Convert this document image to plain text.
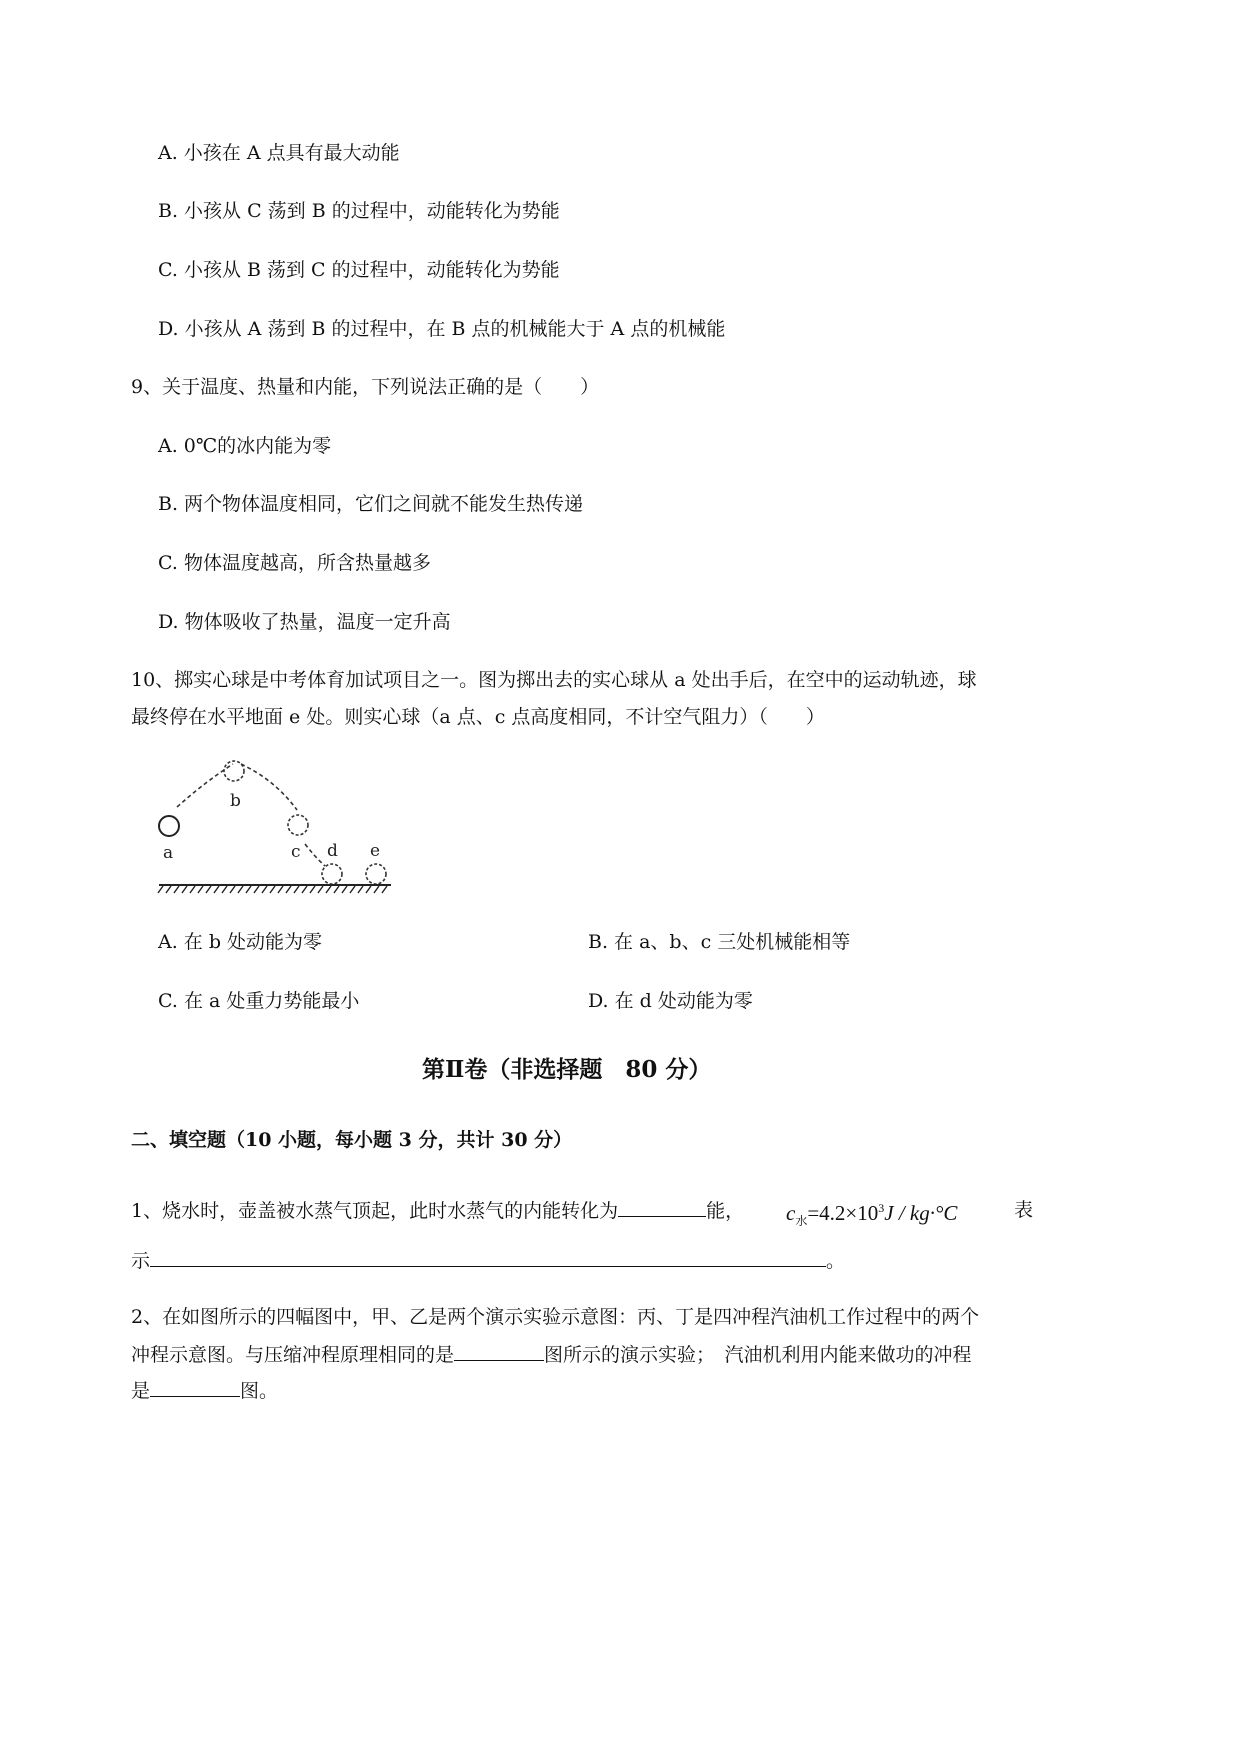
A. 小孩在 A 点具有最大动能
B. 小孩从 C 荡到 B 的过程中，动能转化为势能
C. 小孩从 B 荡到 C 的过程中，动能转化为势能
D. 小孩从 A 荡到 B 的过程中，在 B 点的机械能大于 A 点的机械能
9、关于温度、热量和内能，下列说法正确的是（　　）
A. 0℃的冰内能为零
B. 两个物体温度相同，它们之间就不能发生热传递
C. 物体温度越高，所含热量越多
D. 物体吸收了热量，温度一定升高
10、掷实心球是中考体育加试项目之一。图为掷出去的实心球从 a 处出手后，在空中的运动轨迹，球
最终停在水平地面 e 处。则实心球（a 点、c 点高度相同，不计空气阻力）（　　）
a
b
c d e
A. 在 b 处动能为零	B. 在 a、b、c 三处机械能相等
C. 在 a 处重力势能最小	D. 在 d 处动能为零
第Ⅱ卷（非选择题　80 分）
二、填空题（10 小题，每小题 3 分，共计 30 分）
1、烧水时，壶盖被水蒸气顶起，此时水蒸气的内能转化为	能， $c_水=4.2\times 10^3J / kg\cdot^\circ C$	表
示	。
2、在如图所示的四幅图中，甲、乙是两个演示实验示意图：丙、丁是四冲程汽油机工作过程中的两个
冲程示意图。与压缩冲程原理相同的是	图所示的演示实验；　汽油机利用内能来做功的冲程
是	图。
